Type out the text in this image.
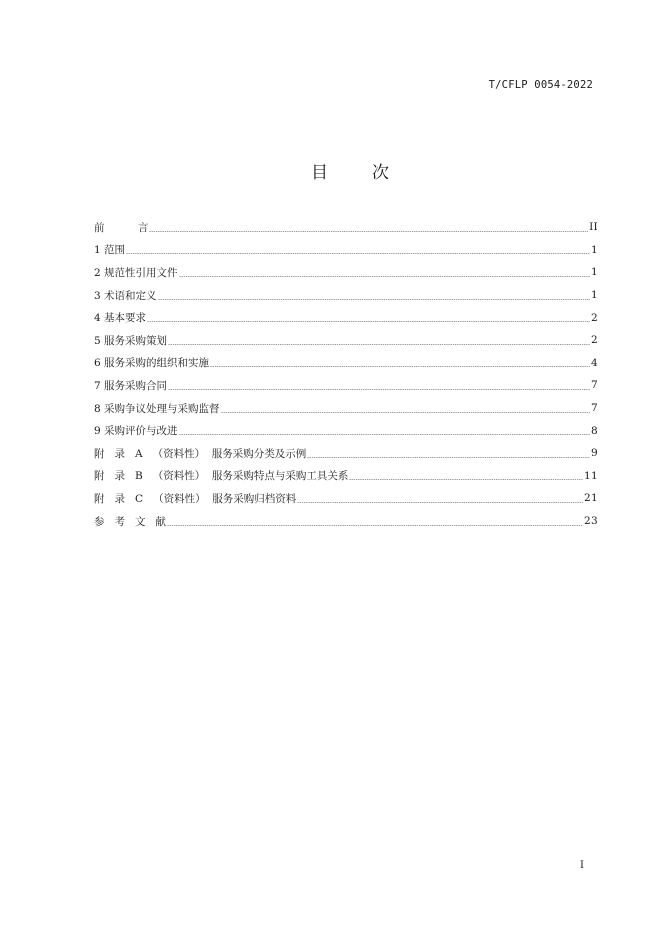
T/CFLP 0054-2022
目	次
前          言	II
1 范围	1
2 规范性引用文件	1
3 术语和定义	1
4 基本要求	2
5 服务采购策划	2
6 服务采购的组织和实施	4
7 服务采购合同	7
8 采购争议处理与采购监督	7
9 采购评价与改进	8
附   录   A   （资料性）  服务采购分类及示例	9
附   录   B   （资料性）  服务采购特点与采购工具关系	11
附   录   C   （资料性）  服务采购归档资料	21
参   考   文   献	23
I
